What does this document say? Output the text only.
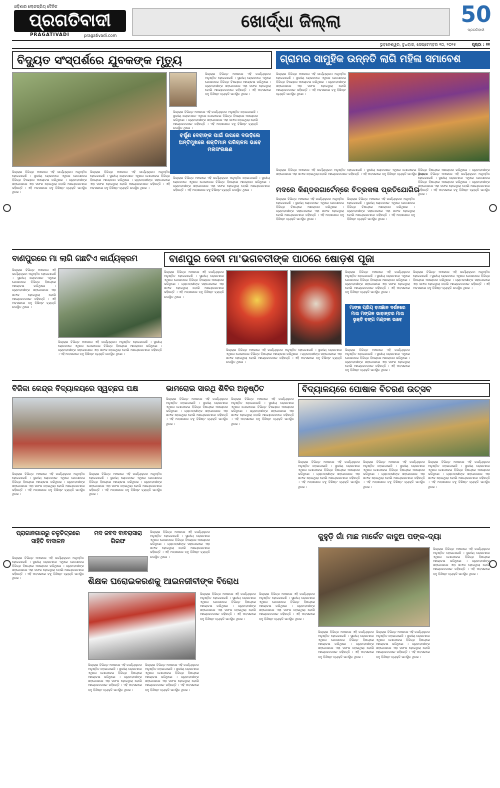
ଓଡ଼ିଶାର ଲୋକପ୍ରିୟ ଦୈନିକ
ପ୍ରଗତିବାଦୀ
PRAGATIVADI	pragativadi.com
ଖୋର୍ଦ୍ଧା ଜିଲ୍ଲା	50
ପ୍ରଗତିବାଦୀ
ଭୁବନେଶ୍ୱର, ବୁଧବାର, ସେପ୍ଟେମ୍ବର ୧୦, ୨୦୨୫	ପୃଷ୍ଠା : ୧୧
ବିଦ୍ୟୁତ ସଂସ୍ପର୍ଶରେ ଯୁବକଙ୍କ ମୃତ୍ୟୁ	ଗ୍ରାମର ସାମୁହିକ ଉନ୍ନତି ଲାଗି ମହିଳା ସମାବେଶ
ଜିଲ୍ଲାର ବିଭିନ୍ନ ଅଞ୍ଚଳରେ ଏହି କାର୍ଯ୍ୟକ୍ରମ ଅନୁଷ୍ଠିତ ହୋଇଯାଇଛି । ସ୍ଥାନୀୟ ଲୋକମାନେ ଏଥିରେ ଯୋଗଦେଇ ବିଭିନ୍ନ ବିଷୟରେ ଆଲୋଚନା କରିଥିଲେ । ଗ୍ରାମବାସୀଙ୍କ ସହଯୋଗରେ ଏହା ସଫଳ ହୋଇଥିଲା ବୋଲି ଆୟୋଜକମାନେ କହିଛନ୍ତି । ଏହି ଅବସରରେ ବହୁ ବିଶିଷ୍ଟ ବ୍ୟକ୍ତି ଉପସ୍ଥିତ ଥିଲେ ।
ଜିଲ୍ଲାର ବିଭିନ୍ନ ଅଞ୍ଚଳରେ ଏହି କାର୍ଯ୍ୟକ୍ରମ ଅନୁଷ୍ଠିତ ହୋଇଯାଇଛି । ସ୍ଥାନୀୟ ଲୋକମାନେ ଏଥିରେ ଯୋଗଦେଇ ବିଭିନ୍ନ ବିଷୟରେ ଆଲୋଚନା କରିଥିଲେ । ଗ୍ରାମବାସୀଙ୍କ ସହଯୋଗରେ ଏହା ସଫଳ ହୋଇଥିଲା ବୋଲି ଆୟୋଜକମାନେ କହିଛନ୍ତି । ଏହି ଅବସରରେ ବହୁ ବିଶିଷ୍ଟ ବ୍ୟକ୍ତି ଉପସ୍ଥିତ ଥିଲେ ।
ଜିଲ୍ଲାର ବିଭିନ୍ନ ଅଞ୍ଚଳରେ ଏହି କାର୍ଯ୍ୟକ୍ରମ ଅନୁଷ୍ଠିତ ହୋଇଯାଇଛି । ସ୍ଥାନୀୟ ଲୋକମାନେ ଏଥିରେ ଯୋଗଦେଇ ବିଭିନ୍ନ ବିଷୟରେ ଆଲୋଚନା କରିଥିଲେ । ଗ୍ରାମବାସୀଙ୍କ ସହଯୋଗରେ ଏହା ସଫଳ ହୋଇଥିଲା ବୋଲି ଆୟୋଜକମାନେ କହିଛନ୍ତି । ଏହି ଅବସରରେ ବହୁ ବିଶିଷ୍ଟ ବ୍ୟକ୍ତି ଉପସ୍ଥିତ ଥିଲେ ।
ବର୍ଷୁଣ ଦେବୀଙ୍କ ପାଇଁ ଉପରେ ଦଉଡ଼ିଲେ ଅନ୍ତିମୁଖରେ ଶକ୍ତିମାନ ପରିଚାଳନା ଭାବେ ମନାସଂରକ୍ଷଣ
ଜିଲ୍ଲାର ବିଭିନ୍ନ ଅଞ୍ଚଳରେ ଏହି କାର୍ଯ୍ୟକ୍ରମ ଅନୁଷ୍ଠିତ ହୋଇଯାଇଛି । ସ୍ଥାନୀୟ ଲୋକମାନେ ଏଥିରେ ଯୋଗଦେଇ ବିଭିନ୍ନ ବିଷୟରେ ଆଲୋଚନା କରିଥିଲେ । ଗ୍ରାମବାସୀଙ୍କ ସହଯୋଗରେ ଏହା ସଫଳ ହୋଇଥିଲା ବୋଲି ଆୟୋଜକମାନେ କହିଛନ୍ତି । ଏହି ଅବସରରେ ବହୁ ବିଶିଷ୍ଟ ବ୍ୟକ୍ତି ଉପସ୍ଥିତ ଥିଲେ ।
ଜିଲ୍ଲାର ବିଭିନ୍ନ ଅଞ୍ଚଳରେ ଏହି କାର୍ଯ୍ୟକ୍ରମ ଅନୁଷ୍ଠିତ ହୋଇଯାଇଛି । ସ୍ଥାନୀୟ ଲୋକମାନେ ଏଥିରେ ଯୋଗଦେଇ ବିଭିନ୍ନ ବିଷୟରେ ଆଲୋଚନା କରିଥିଲେ । ଗ୍ରାମବାସୀଙ୍କ ସହଯୋଗରେ ଏହା ସଫଳ ହୋଇଥିଲା ବୋଲି ଆୟୋଜକମାନେ କହିଛନ୍ତି । ଏହି ଅବସରରେ ବହୁ ବିଶିଷ୍ଟ ବ୍ୟକ୍ତି ଉପସ୍ଥିତ ଥିଲେ ।
ଜିଲ୍ଲାର ବିଭିନ୍ନ ଅଞ୍ଚଳରେ ଏହି କାର୍ଯ୍ୟକ୍ରମ ଅନୁଷ୍ଠିତ ହୋଇଯାଇଛି । ସ୍ଥାନୀୟ ଲୋକମାନେ ଏଥିରେ ଯୋଗଦେଇ ବିଭିନ୍ନ ବିଷୟରେ ଆଲୋଚନା କରିଥିଲେ । ଗ୍ରାମବାସୀଙ୍କ ସହଯୋଗରେ ଏହା ସଫଳ ହୋଇଥିଲା ବୋଲି ଆୟୋଜକମାନେ କହିଛନ୍ତି । ଏହି ଅବସରରେ ବହୁ ବିଶିଷ୍ଟ ବ୍ୟକ୍ତି ଉପସ୍ଥିତ ଥିଲେ ।
ଜିଲ୍ଲାର ବିଭିନ୍ନ ଅଞ୍ଚଳରେ ଏହି କାର୍ଯ୍ୟକ୍ରମ ଅନୁଷ୍ଠିତ ହୋଇଯାଇଛି । ସ୍ଥାନୀୟ ଲୋକମାନେ ଏଥିରେ ଯୋଗଦେଇ ବିଭିନ୍ନ ବିଷୟରେ ଆଲୋଚନା କରିଥିଲେ । ଗ୍ରାମବାସୀଙ୍କ ସହଯୋଗରେ ଏହା ସଫଳ ହୋଇଥିଲା ବୋଲି ଆୟୋଜକମାନେ କହିଛନ୍ତି । ଏହି ଅବସରରେ ବହୁ ବିଶିଷ୍ଟ ବ୍ୟକ୍ତି ଉପସ୍ଥିତ ଥିଲେ ।
ମଦରେ କିଣ୍ଡରଗାର୍ଟେନ୍ରେ ଚିତ୍ରକଳା ପ୍ରତିଯୋଗିତା
ଜିଲ୍ଲାର ବିଭିନ୍ନ ଅଞ୍ଚଳରେ ଏହି କାର୍ଯ୍ୟକ୍ରମ ଅନୁଷ୍ଠିତ ହୋଇଯାଇଛି । ସ୍ଥାନୀୟ ଲୋକମାନେ ଏଥିରେ ଯୋଗଦେଇ ବିଭିନ୍ନ ବିଷୟରେ ଆଲୋଚନା କରିଥିଲେ । ଗ୍ରାମବାସୀଙ୍କ ସହଯୋଗରେ ଏହା ସଫଳ ହୋଇଥିଲା ବୋଲି ଆୟୋଜକମାନେ କହିଛନ୍ତି । ଏହି ଅବସରରେ ବହୁ ବିଶିଷ୍ଟ ବ୍ୟକ୍ତି ଉପସ୍ଥିତ ଥିଲେ ।
ଜିଲ୍ଲାର ବିଭିନ୍ନ ଅଞ୍ଚଳରେ ଏହି କାର୍ଯ୍ୟକ୍ରମ ଅନୁଷ୍ଠିତ ହୋଇଯାଇଛି । ସ୍ଥାନୀୟ ଲୋକମାନେ ଏଥିରେ ଯୋଗଦେଇ ବିଭିନ୍ନ ବିଷୟରେ ଆଲୋଚନା କରିଥିଲେ । ଗ୍ରାମବାସୀଙ୍କ ସହଯୋଗରେ ଏହା ସଫଳ ହୋଇଥିଲା ବୋଲି ଆୟୋଜକମାନେ କହିଛନ୍ତି । ଏହି ଅବସରରେ ବହୁ ବିଶିଷ୍ଟ ବ୍ୟକ୍ତି ଉପସ୍ଥିତ ଥିଲେ ।
ଜିଲ୍ଲାର ବିଭିନ୍ନ ଅଞ୍ଚଳରେ ଏହି କାର୍ଯ୍ୟକ୍ରମ ଅନୁଷ୍ଠିତ ହୋଇଯାଇଛି । ସ୍ଥାନୀୟ ଲୋକମାନେ ଏଥିରେ ଯୋଗଦେଇ ବିଭିନ୍ନ ବିଷୟରେ ଆଲୋଚନା କରିଥିଲେ । ଗ୍ରାମବାସୀଙ୍କ ସହଯୋଗରେ ଏହା ସଫଳ ହୋଇଥିଲା ବୋଲି ଆୟୋଜକମାନେ କହିଛନ୍ତି । ଏହି ଅବସରରେ ବହୁ ବିଶିଷ୍ଟ ବ୍ୟକ୍ତି ଉପସ୍ଥିତ ଥିଲେ ।
ବାଣପୁରରେ ମା ଲାଗି ଗଛଟିଏ କାର୍ଯ୍ୟକ୍ରମ	ବାଣପୁର ଦେବୀ ମା'ଭଗବତୀଙ୍କ ପାଠରେ ଷୋଡ଼ଶ ପୂଜା
ଜିଲ୍ଲାର ବିଭିନ୍ନ ଅଞ୍ଚଳରେ ଏହି କାର୍ଯ୍ୟକ୍ରମ ଅନୁଷ୍ଠିତ ହୋଇଯାଇଛି । ସ୍ଥାନୀୟ ଲୋକମାନେ ଏଥିରେ ଯୋଗଦେଇ ବିଭିନ୍ନ ବିଷୟରେ ଆଲୋଚନା କରିଥିଲେ । ଗ୍ରାମବାସୀଙ୍କ ସହଯୋଗରେ ଏହା ସଫଳ ହୋଇଥିଲା ବୋଲି ଆୟୋଜକମାନେ କହିଛନ୍ତି । ଏହି ଅବସରରେ ବହୁ ବିଶିଷ୍ଟ ବ୍ୟକ୍ତି ଉପସ୍ଥିତ ଥିଲେ ।
ଜିଲ୍ଲାର ବିଭିନ୍ନ ଅଞ୍ଚଳରେ ଏହି କାର୍ଯ୍ୟକ୍ରମ ଅନୁଷ୍ଠିତ ହୋଇଯାଇଛି । ସ୍ଥାନୀୟ ଲୋକମାନେ ଏଥିରେ ଯୋଗଦେଇ ବିଭିନ୍ନ ବିଷୟରେ ଆଲୋଚନା କରିଥିଲେ । ଗ୍ରାମବାସୀଙ୍କ ସହଯୋଗରେ ଏହା ସଫଳ ହୋଇଥିଲା ବୋଲି ଆୟୋଜକମାନେ କହିଛନ୍ତି । ଏହି ଅବସରରେ ବହୁ ବିଶିଷ୍ଟ ବ୍ୟକ୍ତି ଉପସ୍ଥିତ ଥିଲେ ।
ଜିଲ୍ଲାର ବିଭିନ୍ନ ଅଞ୍ଚଳରେ ଏହି କାର୍ଯ୍ୟକ୍ରମ ଅନୁଷ୍ଠିତ ହୋଇଯାଇଛି । ସ୍ଥାନୀୟ ଲୋକମାନେ ଏଥିରେ ଯୋଗଦେଇ ବିଭିନ୍ନ ବିଷୟରେ ଆଲୋଚନା କରିଥିଲେ । ଗ୍ରାମବାସୀଙ୍କ ସହଯୋଗରେ ଏହା ସଫଳ ହୋଇଥିଲା ବୋଲି ଆୟୋଜକମାନେ କହିଛନ୍ତି । ଏହି ଅବସରରେ ବହୁ ବିଶିଷ୍ଟ ବ୍ୟକ୍ତି ଉପସ୍ଥିତ ଥିଲେ ।
ଜିଲ୍ଲାର ବିଭିନ୍ନ ଅଞ୍ଚଳରେ ଏହି କାର୍ଯ୍ୟକ୍ରମ ଅନୁଷ୍ଠିତ ହୋଇଯାଇଛି । ସ୍ଥାନୀୟ ଲୋକମାନେ ଏଥିରେ ଯୋଗଦେଇ ବିଭିନ୍ନ ବିଷୟରେ ଆଲୋଚନା କରିଥିଲେ । ଗ୍ରାମବାସୀଙ୍କ ସହଯୋଗରେ ଏହା ସଫଳ ହୋଇଥିଲା ବୋଲି ଆୟୋଜକମାନେ କହିଛନ୍ତି । ଏହି ଅବସରରେ ବହୁ ବିଶିଷ୍ଟ ବ୍ୟକ୍ତି ଉପସ୍ଥିତ ଥିଲେ ।
ଜିଲ୍ଲାର ବିଭିନ୍ନ ଅଞ୍ଚଳରେ ଏହି କାର୍ଯ୍ୟକ୍ରମ ଅନୁଷ୍ଠିତ ହୋଇଯାଇଛି । ସ୍ଥାନୀୟ ଲୋକମାନେ ଏଥିରେ ଯୋଗଦେଇ ବିଭିନ୍ନ ବିଷୟରେ ଆଲୋଚନା କରିଥିଲେ । ଗ୍ରାମବାସୀଙ୍କ ସହଯୋଗରେ ଏହା ସଫଳ ହୋଇଥିଲା ବୋଲି ଆୟୋଜକମାନେ କହିଛନ୍ତି । ଏହି ଅବସରରେ ବହୁ ବିଶିଷ୍ଟ ବ୍ୟକ୍ତି ଉପସ୍ଥିତ ଥିଲେ ।
ମାଙ୍କ ପ୍ରିୟ ବାସଜ୍ଞାନ ଦର୍ଶନରେ ମାତା ମଙ୍ଗଳ ଭାବାନ୍ତର ମାତା ଭୃକ୍ତି ବଙ୍ଗ ମଣ୍ଡଳୀ ଭାବେ
ଜିଲ୍ଲାର ବିଭିନ୍ନ ଅଞ୍ଚଳରେ ଏହି କାର୍ଯ୍ୟକ୍ରମ ଅନୁଷ୍ଠିତ ହୋଇଯାଇଛି । ସ୍ଥାନୀୟ ଲୋକମାନେ ଏଥିରେ ଯୋଗଦେଇ ବିଭିନ୍ନ ବିଷୟରେ ଆଲୋଚନା କରିଥିଲେ । ଗ୍ରାମବାସୀଙ୍କ ସହଯୋଗରେ ଏହା ସଫଳ ହୋଇଥିଲା ବୋଲି ଆୟୋଜକମାନେ କହିଛନ୍ତି । ଏହି ଅବସରରେ ବହୁ ବିଶିଷ୍ଟ ବ୍ୟକ୍ତି ଉପସ୍ଥିତ ଥିଲେ ।
ଜିଲ୍ଲାର ବିଭିନ୍ନ ଅଞ୍ଚଳରେ ଏହି କାର୍ଯ୍ୟକ୍ରମ ଅନୁଷ୍ଠିତ ହୋଇଯାଇଛି । ସ୍ଥାନୀୟ ଲୋକମାନେ ଏଥିରେ ଯୋଗଦେଇ ବିଭିନ୍ନ ବିଷୟରେ ଆଲୋଚନା କରିଥିଲେ । ଗ୍ରାମବାସୀଙ୍କ ସହଯୋଗରେ ଏହା ସଫଳ ହୋଇଥିଲା ବୋଲି ଆୟୋଜକମାନେ କହିଛନ୍ତି । ଏହି ଅବସରରେ ବହୁ ବିଶିଷ୍ଟ ବ୍ୟକ୍ତି ଉପସ୍ଥିତ ଥିଲେ ।
ବିଜିକା କେନ୍ଦ୍ର ବିଦ୍ୟାଳୟରେ ସ୍ୱଚ୍ଛତା ପକ୍ଷ
ଜିଲ୍ଲାର ବିଭିନ୍ନ ଅଞ୍ଚଳରେ ଏହି କାର୍ଯ୍ୟକ୍ରମ ଅନୁଷ୍ଠିତ ହୋଇଯାଇଛି । ସ୍ଥାନୀୟ ଲୋକମାନେ ଏଥିରେ ଯୋଗଦେଇ ବିଭିନ୍ନ ବିଷୟରେ ଆଲୋଚନା କରିଥିଲେ । ଗ୍ରାମବାସୀଙ୍କ ସହଯୋଗରେ ଏହା ସଫଳ ହୋଇଥିଲା ବୋଲି ଆୟୋଜକମାନେ କହିଛନ୍ତି । ଏହି ଅବସରରେ ବହୁ ବିଶିଷ୍ଟ ବ୍ୟକ୍ତି ଉପସ୍ଥିତ ଥିଲେ ।
ଜିଲ୍ଲାର ବିଭିନ୍ନ ଅଞ୍ଚଳରେ ଏହି କାର୍ଯ୍ୟକ୍ରମ ଅନୁଷ୍ଠିତ ହୋଇଯାଇଛି । ସ୍ଥାନୀୟ ଲୋକମାନେ ଏଥିରେ ଯୋଗଦେଇ ବିଭିନ୍ନ ବିଷୟରେ ଆଲୋଚନା କରିଥିଲେ । ଗ୍ରାମବାସୀଙ୍କ ସହଯୋଗରେ ଏହା ସଫଳ ହୋଇଥିଲା ବୋଲି ଆୟୋଜକମାନେ କହିଛନ୍ତି । ଏହି ଅବସରରେ ବହୁ ବିଶିଷ୍ଟ ବ୍ୟକ୍ତି ଉପସ୍ଥିତ ଥିଲେ ।
ଭାମରୋଇ ସାରଥି ଶିବିର ଅନୁଷ୍ଠିତ
ଜିଲ୍ଲାର ବିଭିନ୍ନ ଅଞ୍ଚଳରେ ଏହି କାର୍ଯ୍ୟକ୍ରମ ଅନୁଷ୍ଠିତ ହୋଇଯାଇଛି । ସ୍ଥାନୀୟ ଲୋକମାନେ ଏଥିରେ ଯୋଗଦେଇ ବିଭିନ୍ନ ବିଷୟରେ ଆଲୋଚନା କରିଥିଲେ । ଗ୍ରାମବାସୀଙ୍କ ସହଯୋଗରେ ଏହା ସଫଳ ହୋଇଥିଲା ବୋଲି ଆୟୋଜକମାନେ କହିଛନ୍ତି । ଏହି ଅବସରରେ ବହୁ ବିଶିଷ୍ଟ ବ୍ୟକ୍ତି ଉପସ୍ଥିତ ଥିଲେ ।
ଜିଲ୍ଲାର ବିଭିନ୍ନ ଅଞ୍ଚଳରେ ଏହି କାର୍ଯ୍ୟକ୍ରମ ଅନୁଷ୍ଠିତ ହୋଇଯାଇଛି । ସ୍ଥାନୀୟ ଲୋକମାନେ ଏଥିରେ ଯୋଗଦେଇ ବିଭିନ୍ନ ବିଷୟରେ ଆଲୋଚନା କରିଥିଲେ । ଗ୍ରାମବାସୀଙ୍କ ସହଯୋଗରେ ଏହା ସଫଳ ହୋଇଥିଲା ବୋଲି ଆୟୋଜକମାନେ କହିଛନ୍ତି । ଏହି ଅବସରରେ ବହୁ ବିଶିଷ୍ଟ ବ୍ୟକ୍ତି ଉପସ୍ଥିତ ଥିଲେ ।
ବିଦ୍ୟାଳୟରେ ପୋଷାକ ବିତରଣ ଉତ୍ସବ
ଜିଲ୍ଲାର ବିଭିନ୍ନ ଅଞ୍ଚଳରେ ଏହି କାର୍ଯ୍ୟକ୍ରମ ଅନୁଷ୍ଠିତ ହୋଇଯାଇଛି । ସ୍ଥାନୀୟ ଲୋକମାନେ ଏଥିରେ ଯୋଗଦେଇ ବିଭିନ୍ନ ବିଷୟରେ ଆଲୋଚନା କରିଥିଲେ । ଗ୍ରାମବାସୀଙ୍କ ସହଯୋଗରେ ଏହା ସଫଳ ହୋଇଥିଲା ବୋଲି ଆୟୋଜକମାନେ କହିଛନ୍ତି । ଏହି ଅବସରରେ ବହୁ ବିଶିଷ୍ଟ ବ୍ୟକ୍ତି ଉପସ୍ଥିତ ଥିଲେ ।
ଜିଲ୍ଲାର ବିଭିନ୍ନ ଅଞ୍ଚଳରେ ଏହି କାର୍ଯ୍ୟକ୍ରମ ଅନୁଷ୍ଠିତ ହୋଇଯାଇଛି । ସ୍ଥାନୀୟ ଲୋକମାନେ ଏଥିରେ ଯୋଗଦେଇ ବିଭିନ୍ନ ବିଷୟରେ ଆଲୋଚନା କରିଥିଲେ । ଗ୍ରାମବାସୀଙ୍କ ସହଯୋଗରେ ଏହା ସଫଳ ହୋଇଥିଲା ବୋଲି ଆୟୋଜକମାନେ କହିଛନ୍ତି । ଏହି ଅବସରରେ ବହୁ ବିଶିଷ୍ଟ ବ୍ୟକ୍ତି ଉପସ୍ଥିତ ଥିଲେ ।
ଜିଲ୍ଲାର ବିଭିନ୍ନ ଅଞ୍ଚଳରେ ଏହି କାର୍ଯ୍ୟକ୍ରମ ଅନୁଷ୍ଠିତ ହୋଇଯାଇଛି । ସ୍ଥାନୀୟ ଲୋକମାନେ ଏଥିରେ ଯୋଗଦେଇ ବିଭିନ୍ନ ବିଷୟରେ ଆଲୋଚନା କରିଥିଲେ । ଗ୍ରାମବାସୀଙ୍କ ସହଯୋଗରେ ଏହା ସଫଳ ହୋଇଥିଲା ବୋଲି ଆୟୋଜକମାନେ କହିଛନ୍ତି । ଏହି ଅବସରରେ ବହୁ ବିଶିଷ୍ଟ ବ୍ୟକ୍ତି ଉପସ୍ଥିତ ଥିଲେ ।
ପ୍ରାଗାନଗାରରୁ ଚଳୁଚିତ୍ରରେ ସାହିତି ବାଦାଳନ
ଜିଲ୍ଲାର ବିଭିନ୍ନ ଅଞ୍ଚଳରେ ଏହି କାର୍ଯ୍ୟକ୍ରମ ଅନୁଷ୍ଠିତ ହୋଇଯାଇଛି । ସ୍ଥାନୀୟ ଲୋକମାନେ ଏଥିରେ ଯୋଗଦେଇ ବିଭିନ୍ନ ବିଷୟରେ ଆଲୋଚନା କରିଥିଲେ । ଗ୍ରାମବାସୀଙ୍କ ସହଯୋଗରେ ଏହା ସଫଳ ହୋଇଥିଲା ବୋଲି ଆୟୋଜକମାନେ କହିଛନ୍ତି । ଏହି ଅବସରରେ ବହୁ ବିଶିଷ୍ଟ ବ୍ୟକ୍ତି ଉପସ୍ଥିତ ଥିଲେ ।
ମଦ ଜବଦ ବାବରାସାରା ଗିରଫ
ଜିଲ୍ଲାର ବିଭିନ୍ନ ଅଞ୍ଚଳରେ ଏହି କାର୍ଯ୍ୟକ୍ରମ ଅନୁଷ୍ଠିତ ହୋଇଯାଇଛି । ସ୍ଥାନୀୟ ଲୋକମାନେ ଏଥିରେ ଯୋଗଦେଇ ବିଭିନ୍ନ ବିଷୟରେ ଆଲୋଚନା କରିଥିଲେ । ଗ୍ରାମବାସୀଙ୍କ ସହଯୋଗରେ ଏହା ସଫଳ ହୋଇଥିଲା ବୋଲି ଆୟୋଜକମାନେ କହିଛନ୍ତି । ଏହି ଅବସରରେ ବହୁ ବିଶିଷ୍ଟ ବ୍ୟକ୍ତି ଉପସ୍ଥିତ ଥିଲେ ।
ଶିକ୍ଷକ ଘରୋଇକରଣକୁ ଆଇନଜୀବୀଙ୍କ ବିରୋଧ
ଜିଲ୍ଲାର ବିଭିନ୍ନ ଅଞ୍ଚଳରେ ଏହି କାର୍ଯ୍ୟକ୍ରମ ଅନୁଷ୍ଠିତ ହୋଇଯାଇଛି । ସ୍ଥାନୀୟ ଲୋକମାନେ ଏଥିରେ ଯୋଗଦେଇ ବିଭିନ୍ନ ବିଷୟରେ ଆଲୋଚନା କରିଥିଲେ । ଗ୍ରାମବାସୀଙ୍କ ସହଯୋଗରେ ଏହା ସଫଳ ହୋଇଥିଲା ବୋଲି ଆୟୋଜକମାନେ କହିଛନ୍ତି । ଏହି ଅବସରରେ ବହୁ ବିଶିଷ୍ଟ ବ୍ୟକ୍ତି ଉପସ୍ଥିତ ଥିଲେ ।
ଜିଲ୍ଲାର ବିଭିନ୍ନ ଅଞ୍ଚଳରେ ଏହି କାର୍ଯ୍ୟକ୍ରମ ଅନୁଷ୍ଠିତ ହୋଇଯାଇଛି । ସ୍ଥାନୀୟ ଲୋକମାନେ ଏଥିରେ ଯୋଗଦେଇ ବିଭିନ୍ନ ବିଷୟରେ ଆଲୋଚନା କରିଥିଲେ । ଗ୍ରାମବାସୀଙ୍କ ସହଯୋଗରେ ଏହା ସଫଳ ହୋଇଥିଲା ବୋଲି ଆୟୋଜକମାନେ କହିଛନ୍ତି । ଏହି ଅବସରରେ ବହୁ ବିଶିଷ୍ଟ ବ୍ୟକ୍ତି ଉପସ୍ଥିତ ଥିଲେ ।
ଜିଲ୍ଲାର ବିଭିନ୍ନ ଅଞ୍ଚଳରେ ଏହି କାର୍ଯ୍ୟକ୍ରମ ଅନୁଷ୍ଠିତ ହୋଇଯାଇଛି । ସ୍ଥାନୀୟ ଲୋକମାନେ ଏଥିରେ ଯୋଗଦେଇ ବିଭିନ୍ନ ବିଷୟରେ ଆଲୋଚନା କରିଥିଲେ । ଗ୍ରାମବାସୀଙ୍କ ସହଯୋଗରେ ଏହା ସଫଳ ହୋଇଥିଲା ବୋଲି ଆୟୋଜକମାନେ କହିଛନ୍ତି । ଏହି ଅବସରରେ ବହୁ ବିଶିଷ୍ଟ ବ୍ୟକ୍ତି ଉପସ୍ଥିତ ଥିଲେ ।
ଜିଲ୍ଲାର ବିଭିନ୍ନ ଅଞ୍ଚଳରେ ଏହି କାର୍ଯ୍ୟକ୍ରମ ଅନୁଷ୍ଠିତ ହୋଇଯାଇଛି । ସ୍ଥାନୀୟ ଲୋକମାନେ ଏଥିରେ ଯୋଗଦେଇ ବିଭିନ୍ନ ବିଷୟରେ ଆଲୋଚନା କରିଥିଲେ । ଗ୍ରାମବାସୀଙ୍କ ସହଯୋଗରେ ଏହା ସଫଳ ହୋଇଥିଲା ବୋଲି ଆୟୋଜକମାନେ କହିଛନ୍ତି । ଏହି ଅବସରରେ ବହୁ ବିଶିଷ୍ଟ ବ୍ୟକ୍ତି ଉପସ୍ଥିତ ଥିଲେ ।
କୁହୁଡ଼ି ଗାଁ ମାଛ ମାର୍କେଟ କାଦୁଅ ପଙ୍କ-ଦ୍ୟା
ଜିଲ୍ଲାର ବିଭିନ୍ନ ଅଞ୍ଚଳରେ ଏହି କାର୍ଯ୍ୟକ୍ରମ ଅନୁଷ୍ଠିତ ହୋଇଯାଇଛି । ସ୍ଥାନୀୟ ଲୋକମାନେ ଏଥିରେ ଯୋଗଦେଇ ବିଭିନ୍ନ ବିଷୟରେ ଆଲୋଚନା କରିଥିଲେ । ଗ୍ରାମବାସୀଙ୍କ ସହଯୋଗରେ ଏହା ସଫଳ ହୋଇଥିଲା ବୋଲି ଆୟୋଜକମାନେ କହିଛନ୍ତି । ଏହି ଅବସରରେ ବହୁ ବିଶିଷ୍ଟ ବ୍ୟକ୍ତି ଉପସ୍ଥିତ ଥିଲେ ।
ଜିଲ୍ଲାର ବିଭିନ୍ନ ଅଞ୍ଚଳରେ ଏହି କାର୍ଯ୍ୟକ୍ରମ ଅନୁଷ୍ଠିତ ହୋଇଯାଇଛି । ସ୍ଥାନୀୟ ଲୋକମାନେ ଏଥିରେ ଯୋଗଦେଇ ବିଭିନ୍ନ ବିଷୟରେ ଆଲୋଚନା କରିଥିଲେ । ଗ୍ରାମବାସୀଙ୍କ ସହଯୋଗରେ ଏହା ସଫଳ ହୋଇଥିଲା ବୋଲି ଆୟୋଜକମାନେ କହିଛନ୍ତି । ଏହି ଅବସରରେ ବହୁ ବିଶିଷ୍ଟ ବ୍ୟକ୍ତି ଉପସ୍ଥିତ ଥିଲେ ।
ଜିଲ୍ଲାର ବିଭିନ୍ନ ଅଞ୍ଚଳରେ ଏହି କାର୍ଯ୍ୟକ୍ରମ ଅନୁଷ୍ଠିତ ହୋଇଯାଇଛି । ସ୍ଥାନୀୟ ଲୋକମାନେ ଏଥିରେ ଯୋଗଦେଇ ବିଭିନ୍ନ ବିଷୟରେ ଆଲୋଚନା କରିଥିଲେ । ଗ୍ରାମବାସୀଙ୍କ ସହଯୋଗରେ ଏହା ସଫଳ ହୋଇଥିଲା ବୋଲି ଆୟୋଜକମାନେ କହିଛନ୍ତି । ଏହି ଅବସରରେ ବହୁ ବିଶିଷ୍ଟ ବ୍ୟକ୍ତି ଉପସ୍ଥିତ ଥିଲେ ।
